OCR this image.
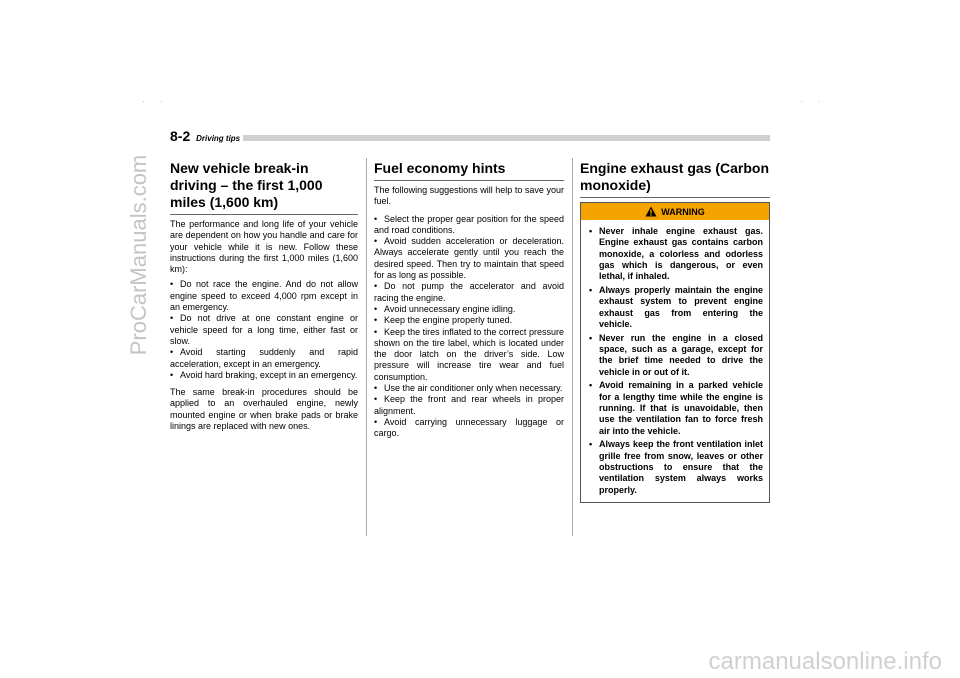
· ·	· ·
ProCarManuals.com
carmanualsonline.info
8-2 Driving tips
New vehicle break-in driving – the first 1,000 miles (1,600 km)

The performance and long life of your vehicle are dependent on how you handle and care for your vehicle while it is new. Follow these instructions during the first 1,000 miles (1,600 km):

• Do not race the engine. And do not allow engine speed to exceed 4,000 rpm except in an emergency.
• Do not drive at one constant engine or vehicle speed for a long time, either fast or slow.
• Avoid starting suddenly and rapid acceleration, except in an emergency.
• Avoid hard braking, except in an emergency.

The same break-in procedures should be applied to an overhauled engine, newly mounted engine or when brake pads or brake linings are replaced with new ones.

Fuel economy hints

The following suggestions will help to save your fuel.

• Select the proper gear position for the speed and road conditions.
• Avoid sudden acceleration or deceleration. Always accelerate gently until you reach the desired speed. Then try to maintain that speed for as long as possible.
• Do not pump the accelerator and avoid racing the engine.
• Avoid unnecessary engine idling.
• Keep the engine properly tuned.
• Keep the tires inflated to the correct pressure shown on the tire label, which is located under the door latch on the driver’s side. Low pressure will increase tire wear and fuel consumption.
• Use the air conditioner only when necessary.
• Keep the front and rear wheels in proper alignment.
• Avoid carrying unnecessary luggage or cargo.
Engine exhaust gas (Carbon monoxide)
WARNING
• Never inhale engine exhaust gas. Engine exhaust gas contains carbon monoxide, a colorless and odorless gas which is dangerous, or even lethal, if inhaled.
• Always properly maintain the engine exhaust system to prevent engine exhaust gas from entering the vehicle.
• Never run the engine in a closed space, such as a garage, except for the brief time needed to drive the vehicle in or out of it.
• Avoid remaining in a parked vehicle for a lengthy time while the engine is running. If that is unavoidable, then use the ventilation fan to force fresh air into the vehicle.
• Always keep the front ventilation inlet grille free from snow, leaves or other obstructions to ensure that the ventilation system always works properly.
